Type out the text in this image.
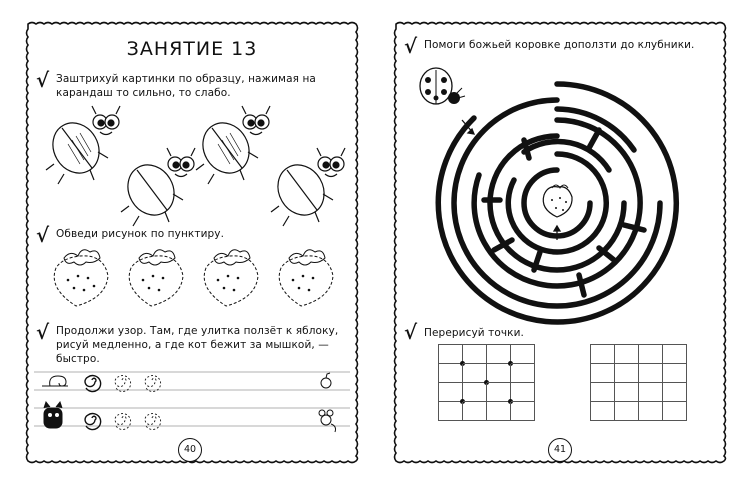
ЗАНЯТИЕ 13
√ Заштрихуй картинки по образцу, нажимая на карандаш то сильно, то слабо.
√ Обведи рисунок по пунктиру.
√ Продолжи узор. Там, где улитка ползёт к яблоку, рисуй медленно, а где кот бежит за мышкой, — быстро.
40
√ Помоги божьей коровке доползти до клубники.
√ Перерисуй точки.
41
